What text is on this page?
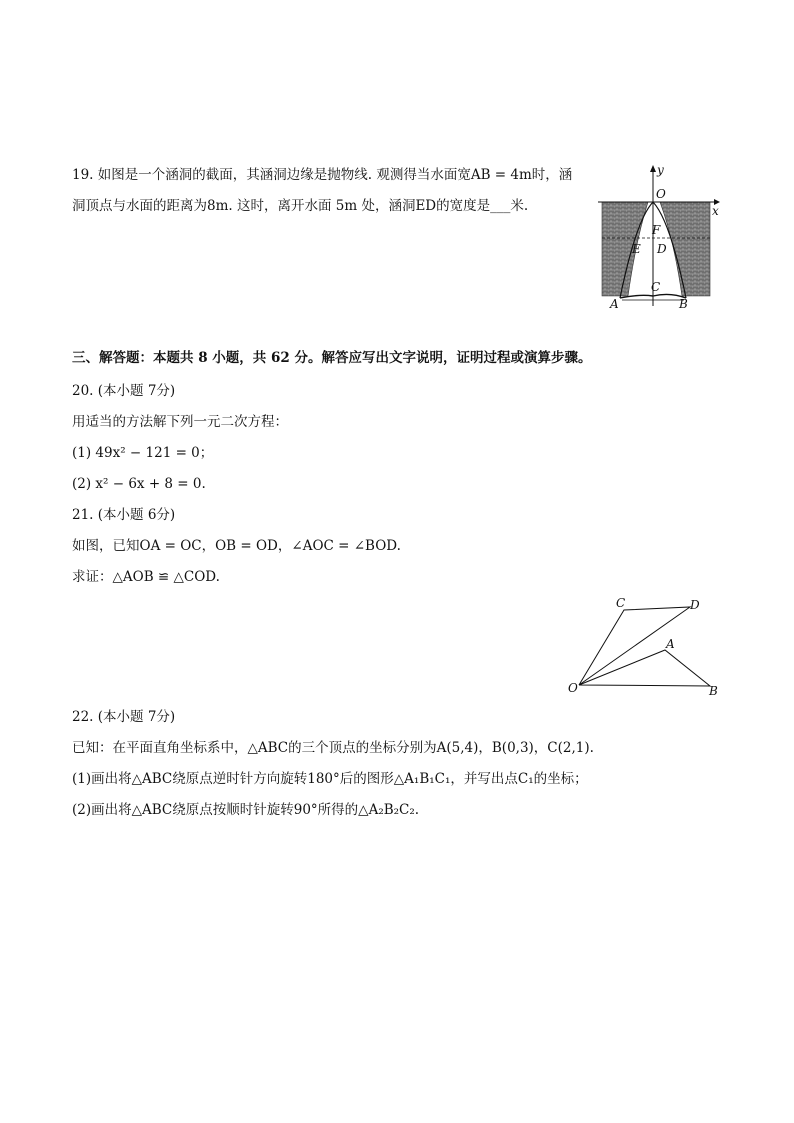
19. 如图是一个涵洞的截面，其涵洞边缘是抛物线. 观测得当水面宽AB = 4m时，涵
洞顶点与水面的距离为8m. 这时，离开水面 5m 处，涵洞ED的宽度是___米.
y
O
x
F
E D
C
A	B
三、解答题：本题共 8 小题，共 62 分。解答应写出文字说明，证明过程或演算步骤。
20. (本小题 7分)
用适当的方法解下列一元二次方程：
(1) 49x² − 121 = 0；
(2) x² − 6x + 8 = 0.
21. (本小题 6分)
如图，已知OA = OC，OB = OD，∠AOC = ∠BOD.
求证：△AOB ≌ △COD.
C	D
A
O	B
22. (本小题 7分)
已知：在平面直角坐标系中，△ABC的三个顶点的坐标分别为A(5,4)，B(0,3)，C(2,1).
(1)画出将△ABC绕原点逆时针方向旋转180°后的图形△A₁B₁C₁，并写出点C₁的坐标；
(2)画出将△ABC绕原点按顺时针旋转90°所得的△A₂B₂C₂.
